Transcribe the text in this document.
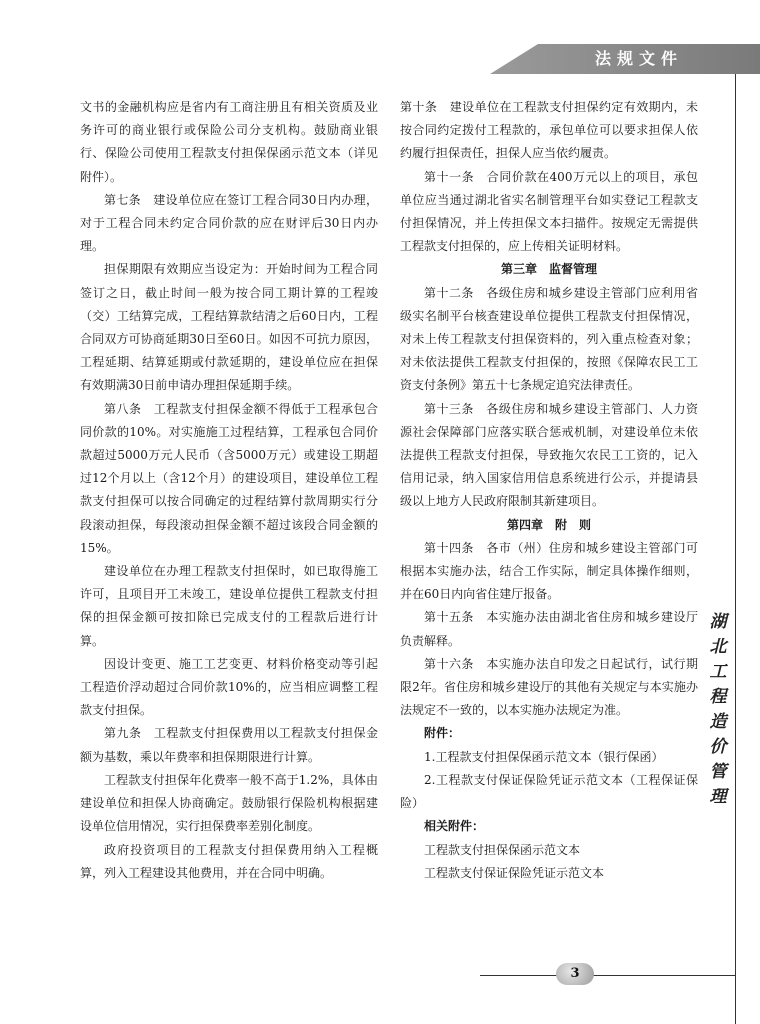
法规文件

文书的金融机构应是省内有工商注册且有相关资质及业务许可的商业银行或保险公司分支机构。鼓励商业银行、保险公司使用工程款支付担保保函示范文本（详见附件）。

第七条　建设单位应在签订工程合同30日内办理，对于工程合同未约定合同价款的应在财评后30日内办理。

担保期限有效期应当设定为：开始时间为工程合同签订之日，截止时间一般为按合同工期计算的工程竣（交）工结算完成，工程结算款结清之后60日内，工程合同双方可协商延期30日至60日。如因不可抗力原因，工程延期、结算延期或付款延期的，建设单位应在担保有效期满30日前申请办理担保延期手续。

第八条　工程款支付担保金额不得低于工程承包合同价款的10%。对实施施工过程结算，工程承包合同价款超过5000万元人民币（含5000万元）或建设工期超过12个月以上（含12个月）的建设项目，建设单位工程款支付担保可以按合同确定的过程结算付款周期实行分段滚动担保，每段滚动担保金额不超过该段合同金额的15%。

建设单位在办理工程款支付担保时，如已取得施工许可，且项目开工未竣工，建设单位提供工程款支付担保的担保金额可按扣除已完成支付的工程款后进行计算。

因设计变更、施工工艺变更、材料价格变动等引起工程造价浮动超过合同价款10%的，应当相应调整工程款支付担保。

第九条　工程款支付担保费用以工程款支付担保金额为基数，乘以年费率和担保期限进行计算。

工程款支付担保年化费率一般不高于1.2%，具体由建设单位和担保人协商确定。鼓励银行保险机构根据建设单位信用情况，实行担保费率差别化制度。

政府投资项目的工程款支付担保费用纳入工程概算，列入工程建设其他费用，并在合同中明确。

第十条　建设单位在工程款支付担保约定有效期内，未按合同约定拨付工程款的，承包单位可以要求担保人依约履行担保责任，担保人应当依约履责。

第十一条　合同价款在400万元以上的项目，承包单位应当通过湖北省实名制管理平台如实登记工程款支付担保情况，并上传担保文本扫描件。按规定无需提供工程款支付担保的，应上传相关证明材料。

第三章　监督管理

第十二条　各级住房和城乡建设主管部门应利用省级实名制平台核查建设单位提供工程款支付担保情况，对未上传工程款支付担保资料的，列入重点检查对象；对未依法提供工程款支付担保的，按照《保障农民工工资支付条例》第五十七条规定追究法律责任。

第十三条　各级住房和城乡建设主管部门、人力资源社会保障部门应落实联合惩戒机制，对建设单位未依法提供工程款支付担保，导致拖欠农民工工资的，记入信用记录，纳入国家信用信息系统进行公示，并提请县级以上地方人民政府限制其新建项目。

第四章　附　则

第十四条　各市（州）住房和城乡建设主管部门可根据本实施办法，结合工作实际，制定具体操作细则，并在60日内向省住建厅报备。

第十五条　本实施办法由湖北省住房和城乡建设厅负责解释。

第十六条　本实施办法自印发之日起试行，试行期限2年。省住房和城乡建设厅的其他有关规定与本实施办法规定不一致的，以本实施办法规定为准。

附件：

1.工程款支付担保保函示范文本（银行保函）

2.工程款支付保证保险凭证示范文本（工程保证保险）

相关附件：

工程款支付担保保函示范文本

工程款支付保证保险凭证示范文本

湖
北
工
程
造
价
管
理
3
